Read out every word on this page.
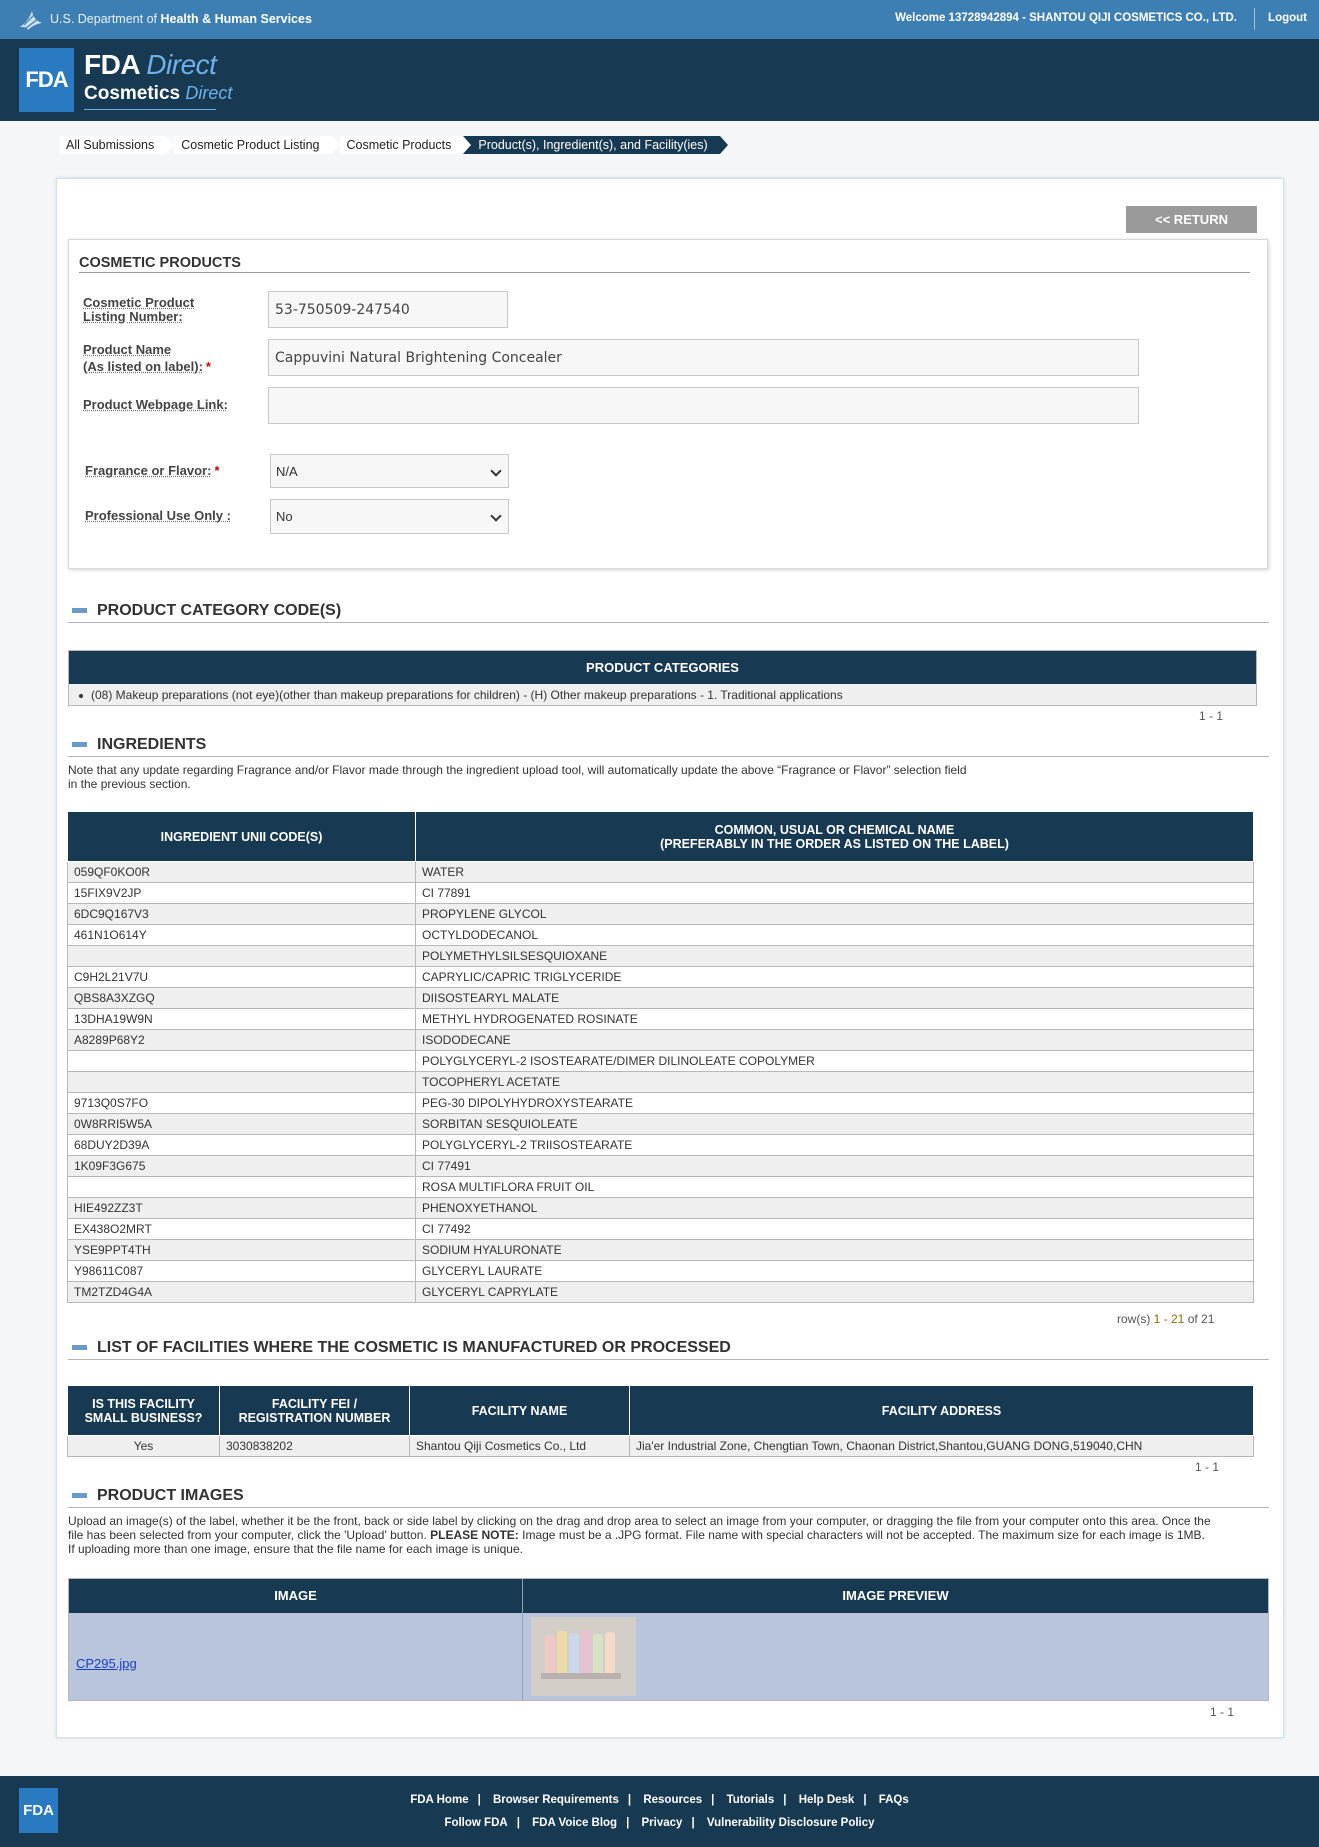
U.S. Department of Health & Human Services	Welcome 13728942894 - SHANTOU QIJI COSMETICS CO., LTD.	Logout
FDA FDA Direct
Cosmetics Direct
All Submissions	Cosmetic Product Listing	Cosmetic Products	Product(s), Ingredient(s), and Facility(ies)
<< RETURN
COSMETIC PRODUCTS
Cosmetic Product
Listing Number:	53-750509-247540
Product Name
(As listed on label): *
Cappuvini Natural Brightening Concealer
Product Webpage Link:
Fragrance or Flavor: *	N/A
Professional Use Only :	No
PRODUCT CATEGORY CODE(S)
PRODUCT CATEGORIES
(08) Makeup preparations (not eye)(other than makeup preparations for children) - (H) Other makeup preparations - 1. Traditional applications
1 - 1
INGREDIENTS
Note that any update regarding Fragrance and/or Flavor made through the ingredient upload tool, will automatically update the above “Fragrance or Flavor” selection field
in the previous section.
INGREDIENT UNII CODE(S)	COMMON, USUAL OR CHEMICAL NAME
(PREFERABLY IN THE ORDER AS LISTED ON THE LABEL)
059QF0KO0R	WATER
15FIX9V2JP	CI 77891
6DC9Q167V3	PROPYLENE GLYCOL
461N1O614Y	OCTYLDODECANOL
	POLYMETHYLSILSESQUIOXANE
C9H2L21V7U	CAPRYLIC/CAPRIC TRIGLYCERIDE
QBS8A3XZGQ	DIISOSTEARYL MALATE
13DHA19W9N	METHYL HYDROGENATED ROSINATE
A8289P68Y2	ISODODECANE
	POLYGLYCERYL-2 ISOSTEARATE/DIMER DILINOLEATE COPOLYMER
	TOCOPHERYL ACETATE
9713Q0S7FO	PEG-30 DIPOLYHYDROXYSTEARATE
0W8RRI5W5A	SORBITAN SESQUIOLEATE
68DUY2D39A	POLYGLYCERYL-2 TRIISOSTEARATE
1K09F3G675	CI 77491
	ROSA MULTIFLORA FRUIT OIL
HIE492ZZ3T	PHENOXYETHANOL
EX438O2MRT	CI 77492
YSE9PPT4TH	SODIUM HYALURONATE
Y98611C087	GLYCERYL LAURATE
TM2TZD4G4A	GLYCERYL CAPRYLATE
row(s) 1 - 21 of 21
LIST OF FACILITIES WHERE THE COSMETIC IS MANUFACTURED OR PROCESSED
IS THIS FACILITY
SMALL BUSINESS?	FACILITY FEI /
REGISTRATION NUMBER	FACILITY NAME	FACILITY ADDRESS
Yes	3030838202	Shantou Qiji Cosmetics Co., Ltd	Jia'er Industrial Zone, Chengtian Town, Chaonan District,Shantou,GUANG DONG,519040,CHN
1 - 1
PRODUCT IMAGES
Upload an image(s) of the label, whether it be the front, back or side label by clicking on the drag and drop area to select an image from your computer, or dragging the file from your computer onto this area. Once the
file has been selected from your computer, click the 'Upload' button. PLEASE NOTE: Image must be a .JPG format. File name with special characters will not be accepted. The maximum size for each image is 1MB.
If uploading more than one image, ensure that the file name for each image is unique.
IMAGE	IMAGE PREVIEW
CP295.jpg
1 - 1
FDA
FDA Home | Browser Requirements | Resources | Tutorials | Help Desk | FAQs
Follow FDA | FDA Voice Blog | Privacy | Vulnerability Disclosure Policy
